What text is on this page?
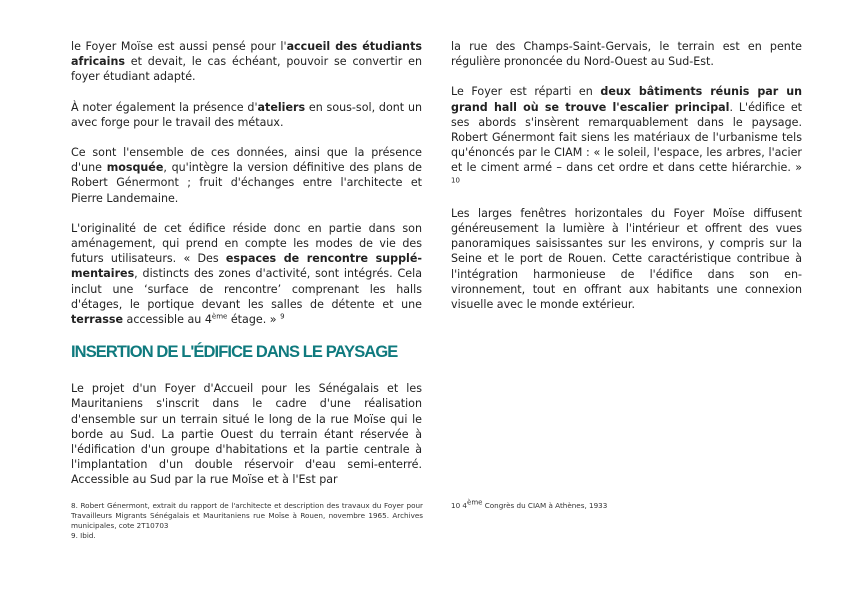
le Foyer Moïse est aussi pensé pour l'accueil des étudiants africains et devait, le cas échéant, pouvoir se convertir en foyer étudiant adapté.

À noter également la présence d'ateliers en sous-sol, dont un avec forge pour le travail des métaux.

Ce sont l'ensemble de ces données, ainsi que la présence d'une mosquée, qu'intègre la version définitive des plans de Robert Génermont ; fruit d'échanges entre l'architecte et Pierre Landemaine.

L'originalité de cet édifice réside donc en partie dans son aménagement, qui prend en compte les modes de vie des futurs utilisateurs. « Des espaces de rencontre supplémentaires, distincts des zones d'activité, sont intégrés. Cela inclut une ‘surface de rencontre’ comprenant les halls d'étages, le portique devant les salles de détente et une terrasse accessible au 4ème étage. » $^9$

INSERTION DE L'ÉDIFICE DANS LE PAYSAGE

Le projet d'un Foyer d'Accueil pour les Sénégalais et les Mauritaniens s'inscrit dans le cadre d'une réalisation d'ensemble sur un terrain situé le long de la rue Moïse qui le borde au Sud. La partie Ouest du terrain étant réservée à l'édification d'un groupe d'habitations et la partie centrale à l'implantation d'un double réservoir d'eau semi-enterré. Accessible au Sud par la rue Moïse et à l'Est par

la rue des Champs-Saint-Gervais, le terrain est en pente régulière prononcée du Nord-Ouest au Sud-Est.

Le Foyer est réparti en deux bâtiments réunis par un grand hall où se trouve l'escalier principal. L'édifice et ses abords s'insèrent remarquablement dans le paysage. Robert Génermont fait siens les matériaux de l'urbanisme tels qu'énoncés par le CIAM : « le soleil, l'espace, les arbres, l'acier et le ciment armé – dans cet ordre et dans cette hiérarchie. » $^{10}$

Les larges fenêtres horizontales du Foyer Moïse diffusent généreusement la lumière à l'intérieur et offrent des vues panoramiques saisissantes sur les environs, y compris sur la Seine et le port de Rouen. Cette caractéristique contribue à l'intégration harmonieuse de l'édifice dans son environnement, tout en offrant aux habitants une connexion visuelle avec le monde extérieur.

8. Robert Génermont, extrait du rapport de l'architecte et description des travaux du Foyer pour Travailleurs Migrants Sénégalais et Mauritaniens rue Moïse à Rouen, novembre 1965. Archives municipales, cote 2T10703
9. Ibid.
10 4ème Congrès du CIAM à Athènes, 1933
